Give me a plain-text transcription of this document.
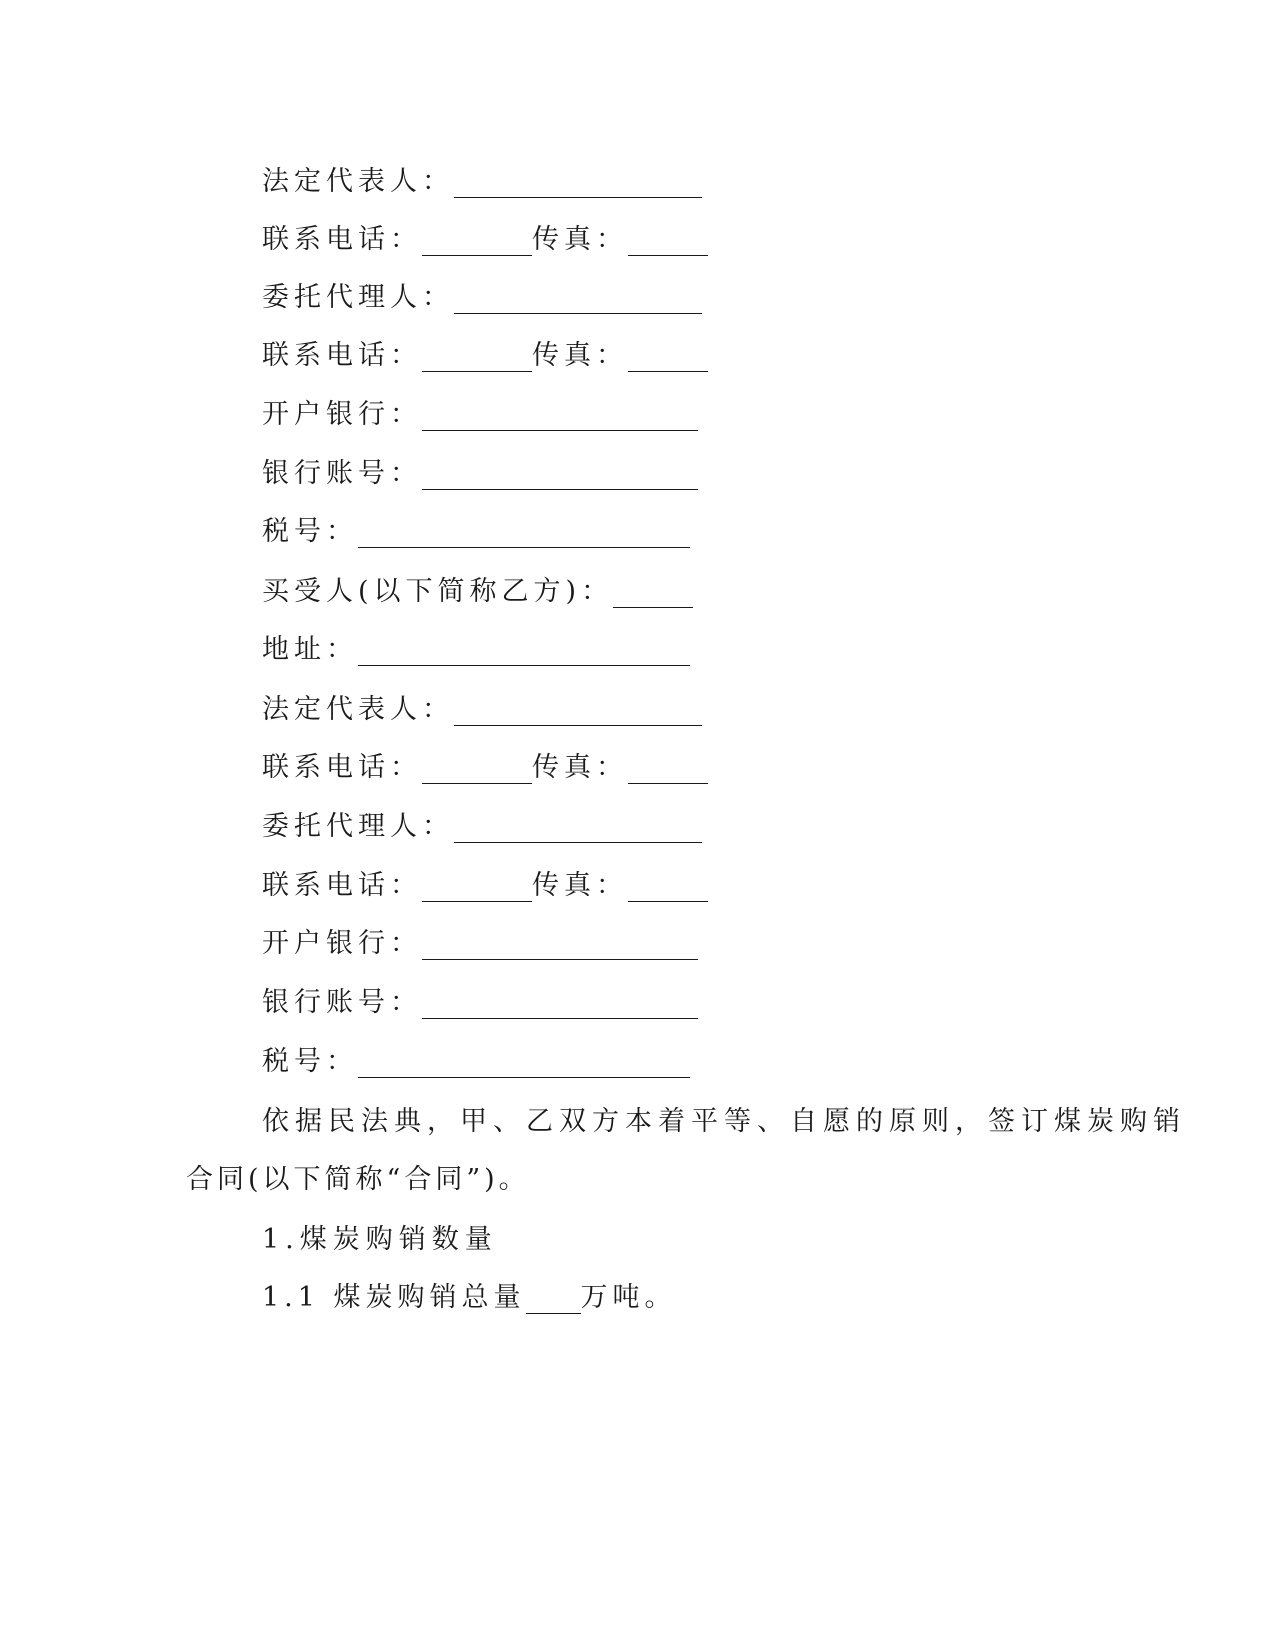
法定代表人：
联系电话：	传真：
委托代理人：
联系电话：	传真：
开户银行：
银行账号：
税号：
买受人(以下简称乙方)：
地址：
法定代表人：
联系电话：	传真：
委托代理人：
联系电话：	传真：
开户银行：
银行账号：
税号：
依据民法典，甲、乙双方本着平等、自愿的原则，签订煤炭购销
合同(以下简称“合同”)。
1.煤炭购销数量
1.1 煤炭购销总量 万吨。
